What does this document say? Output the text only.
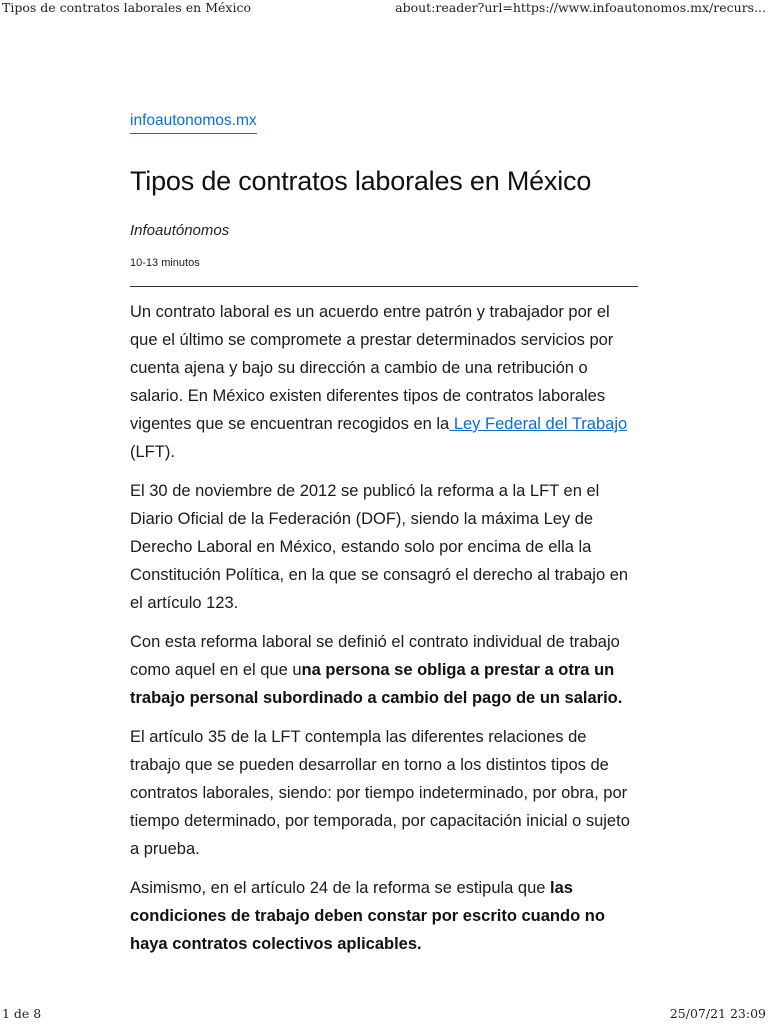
Tipos de contratos laborales en México	about:reader?url=https://www.infoautonomos.mx/recurs...
infoautonomos.mx
Tipos de contratos laborales en México
Infoautónomos
10-13 minutos

Un contrato laboral es un acuerdo entre patrón y trabajador por el que el último se compromete a prestar determinados servicios por cuenta ajena y bajo su dirección a cambio de una retribución o salario. En México existen diferentes tipos de contratos laborales vigentes que se encuentran recogidos en la Ley Federal del Trabajo (LFT).

El 30 de noviembre de 2012 se publicó la reforma a la LFT en el Diario Oficial de la Federación (DOF), siendo la máxima Ley de Derecho Laboral en México, estando solo por encima de ella la Constitución Política, en la que se consagró el derecho al trabajo en el artículo 123.

Con esta reforma laboral se definió el contrato individual de trabajo como aquel en el que una persona se obliga a prestar a otra un trabajo personal subordinado a cambio del pago de un salario.

El artículo 35 de la LFT contempla las diferentes relaciones de trabajo que se pueden desarrollar en torno a los distintos tipos de contratos laborales, siendo: por tiempo indeterminado, por obra, por tiempo determinado, por temporada, por capacitación inicial o sujeto a prueba.

Asimismo, en el artículo 24 de la reforma se estipula que las condiciones de trabajo deben constar por escrito cuando no haya contratos colectivos aplicables.

1 de 8	25/07/21 23:09
